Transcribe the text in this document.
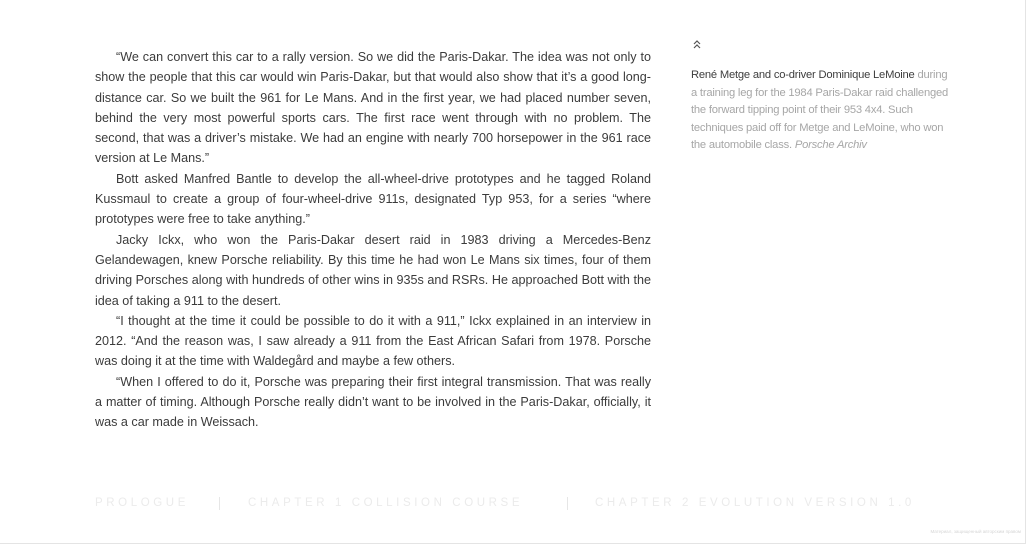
“We can convert this car to a rally version. So we did the Paris-Dakar. The idea was not only to show the people that this car would win Paris-Dakar, but that would also show that it’s a good long-distance car. So we built the 961 for Le Mans. And in the first year, we had placed number seven, behind the very most powerful sports cars. The first race went through with no problem. The second, that was a driver’s mistake. We had an engine with nearly 700 horsepower in the 961 race version at Le Mans.”

Bott asked Manfred Bantle to develop the all-wheel-drive prototypes and he tagged Roland Kussmaul to create a group of four-wheel-drive 911s, designated Typ 953, for a series “where prototypes were free to take anything.”

Jacky Ickx, who won the Paris-Dakar desert raid in 1983 driving a Mercedes-Benz Gelandewagen, knew Porsche reliability. By this time he had won Le Mans six times, four of them driving Porsches along with hundreds of other wins in 935s and RSRs. He approached Bott with the idea of taking a 911 to the desert.

“I thought at the time it could be possible to do it with a 911,” Ickx explained in an interview in 2012. “And the reason was, I saw already a 911 from the East African Safari from 1978. Porsche was doing it at the time with Waldegård and maybe a few others.

“When I offered to do it, Porsche was preparing their first integral transmission. That was really a matter of timing. Although Porsche really didn’t want to be involved in the Paris-Dakar, officially, it was a car made in Weissach.

René Metge and co-driver Dominique LeMoine during a training leg for the 1984 Paris-Dakar raid challenged the forward tipping point of their 953 4x4. Such techniques paid off for Metge and LeMoine, who won the automobile class. Porsche Archiv
PROLOGUE	CHAPTER 1 COLLISION COURSE	CHAPTER 2 EVOLUTION VERSION 1.0
Материал, защищенный авторским правом
